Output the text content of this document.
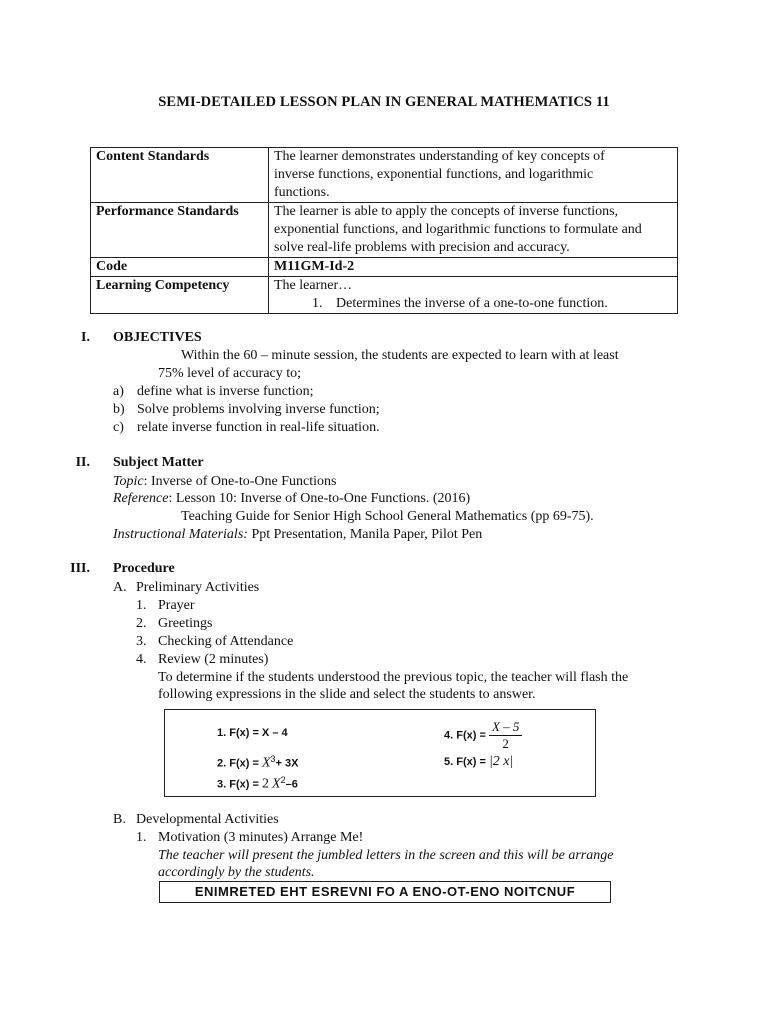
SEMI-DETAILED LESSON PLAN IN GENERAL MATHEMATICS 11
Content Standards	The learner demonstrates understanding of key concepts of
inverse functions, exponential functions, and logarithmic
functions.

Performance Standards	The learner is able to apply the concepts of inverse functions,
exponential functions, and logarithmic functions to formulate and
solve real-life problems with precision and accuracy.

Code	M11GM-Id-2
Learning Competency	The learner…
1. Determines the inverse of a one-to-one function.
I. OBJECTIVES
Within the 60 – minute session, the students are expected to learn with at least
75% level of accuracy to;
a) define what is inverse function;
b) Solve problems involving inverse function;
c) relate inverse function in real-life situation.
II. Subject Matter
Topic: Inverse of One-to-One Functions
Reference: Lesson 10: Inverse of One-to-One Functions. (2016)
Teaching Guide for Senior High School General Mathematics (pp 69-75).
Instructional Materials: Ppt Presentation, Manila Paper, Pilot Pen
III. Procedure
A. Preliminary Activities
1. Prayer
2. Greetings
3. Checking of Attendance
4. Review (2 minutes)
To determine if the students understood the previous topic, the teacher will flash the
following expressions in the slide and select the students to answer.
1. F(x) = X – 4
2. $F(x) = X^3+ 3X$
3. F(x) = 2 $X^2-6$
4. $F(x) = \frac{X - 5}{2}$
5. F(x) = |2 x|
B. Developmental Activities
1. Motivation (3 minutes) Arrange Me!
The teacher will present the jumbled letters in the screen and this will be arrange
accordingly by the students.
ENIMRETED EHT ESREVNI FO A ENO-OT-ENO NOITCNUF
